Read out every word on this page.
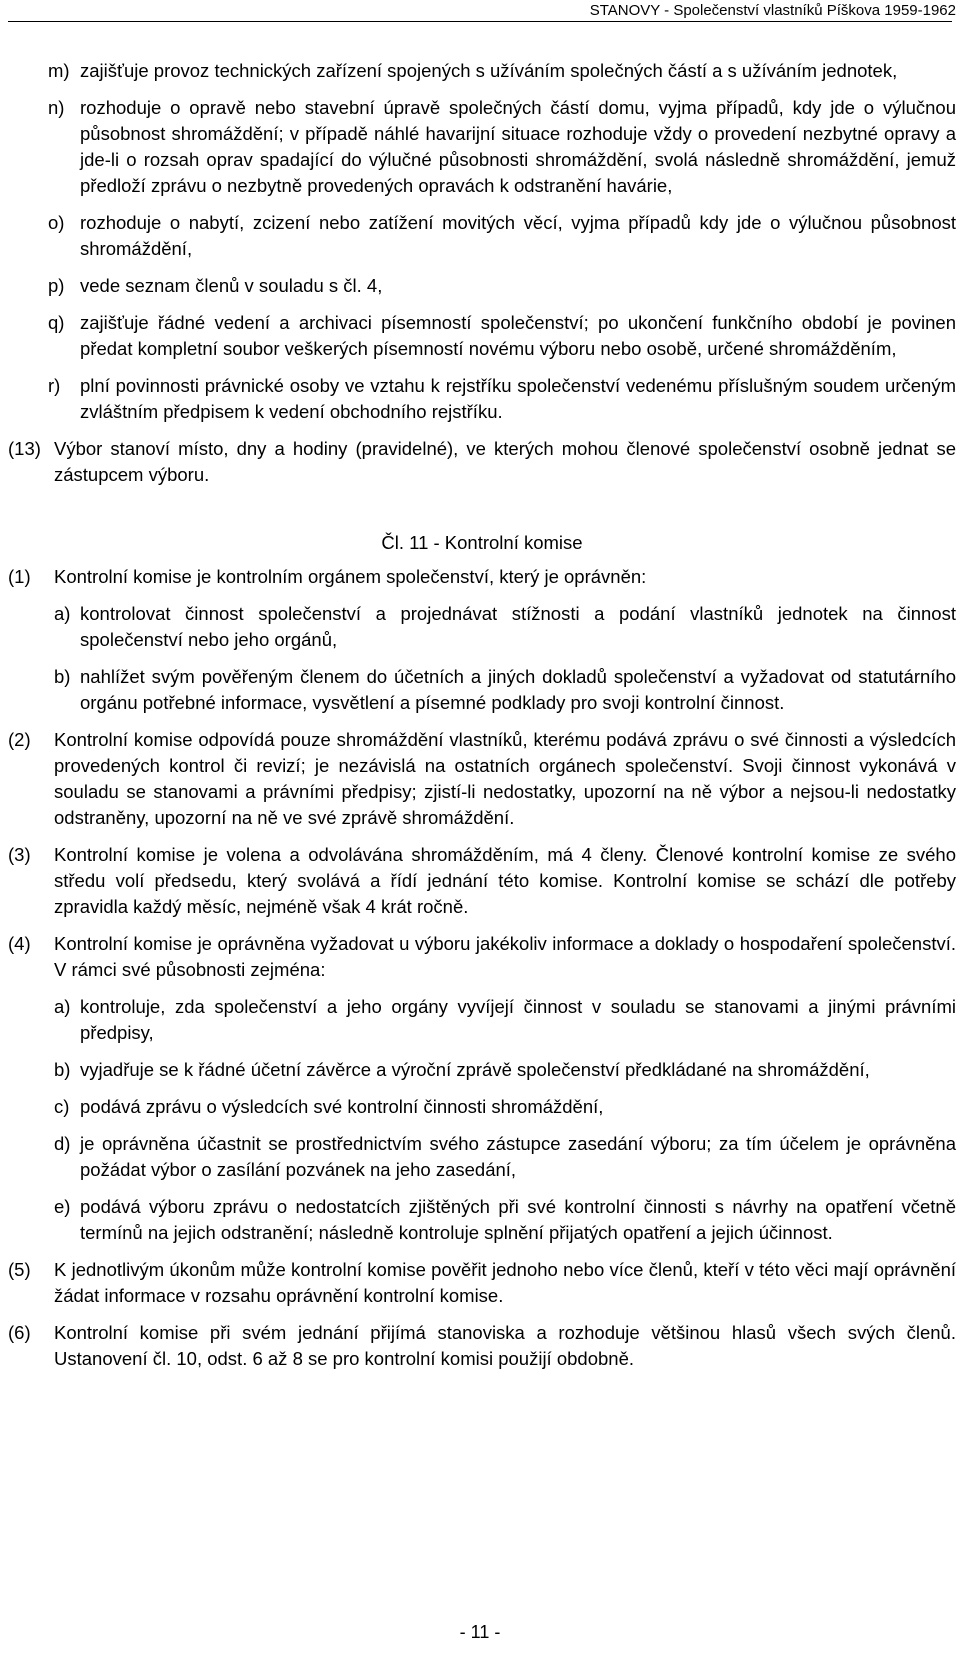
STANOVY - Společenství vlastníků Píškova 1959-1962
m) zajišťuje provoz technických zařízení spojených s užíváním společných částí a s užíváním jednotek,
n) rozhoduje o opravě nebo stavební úpravě společných částí domu, vyjma případů, kdy jde o výlučnou působnost shromáždění; v případě náhlé havarijní situace rozhoduje vždy o provedení nezbytné opravy a jde-li o rozsah oprav spadající do výlučné působnosti shromáždění, svolá následně shromáždění, jemuž předloží zprávu o nezbytně provedených opravách k odstranění havárie,
o) rozhoduje o nabytí, zcizení nebo zatížení movitých věcí, vyjma případů kdy jde o výlučnou působnost shromáždění,
p) vede seznam členů v souladu s čl. 4,
q) zajišťuje řádné vedení a archivaci písemností společenství; po ukončení funkčního období je povinen předat kompletní soubor veškerých písemností novému výboru nebo osobě, určené shromážděním,
r) plní povinnosti právnické osoby ve vztahu k rejstříku společenství vedenému příslušným soudem určeným zvláštním předpisem k vedení obchodního rejstříku.
(13) Výbor stanoví místo, dny a hodiny (pravidelné), ve kterých mohou členové společenství osobně jednat se zástupcem výboru.
Čl. 11 - Kontrolní komise
(1) Kontrolní komise je kontrolním orgánem společenství, který je oprávněn:
a) kontrolovat činnost společenství a projednávat stížnosti a podání vlastníků jednotek na činnost společenství nebo jeho orgánů,
b) nahlížet svým pověřeným členem do účetních a jiných dokladů společenství a vyžadovat od statutárního orgánu potřebné informace, vysvětlení a písemné podklady pro svoji kontrolní činnost.
(2) Kontrolní komise odpovídá pouze shromáždění vlastníků, kterému podává zprávu o své činnosti a výsledcích provedených kontrol či revizí; je nezávislá na ostatních orgánech společenství. Svoji činnost vykonává v souladu se stanovami a právními předpisy; zjistí-li nedostatky, upozorní na ně výbor a nejsou-li nedostatky odstraněny, upozorní na ně ve své zprávě shromáždění.
(3) Kontrolní komise je volena a odvolávána shromážděním, má 4 členy. Členové kontrolní komise ze svého středu volí předsedu, který svolává a řídí jednání této komise. Kontrolní komise se schází dle potřeby zpravidla každý měsíc, nejméně však 4 krát ročně.
(4) Kontrolní komise je oprávněna vyžadovat u výboru jakékoliv informace a doklady o hospodaření společenství. V rámci své působnosti zejména:
a) kontroluje, zda společenství a jeho orgány vyvíjejí činnost v souladu se stanovami a jinými právními předpisy,
b) vyjadřuje se k řádné účetní závěrce a výroční zprávě společenství předkládané na shromáždění,
c) podává zprávu o výsledcích své kontrolní činnosti shromáždění,
d) je oprávněna účastnit se prostřednictvím svého zástupce zasedání výboru; za tím účelem je oprávněna požádat výbor o zasílání pozvánek na jeho zasedání,
e) podává výboru zprávu o nedostatcích zjištěných při své kontrolní činnosti s návrhy na opatření včetně termínů na jejich odstranění; následně kontroluje splnění přijatých opatření a jejich účinnost.
(5) K jednotlivým úkonům může kontrolní komise pověřit jednoho nebo více členů, kteří v této věci mají oprávnění žádat informace v rozsahu oprávnění kontrolní komise.
(6) Kontrolní komise při svém jednání přijímá stanoviska a rozhoduje většinou hlasů všech svých členů. Ustanovení čl. 10, odst. 6 až 8 se pro kontrolní komisi použijí obdobně.
- 11 -
